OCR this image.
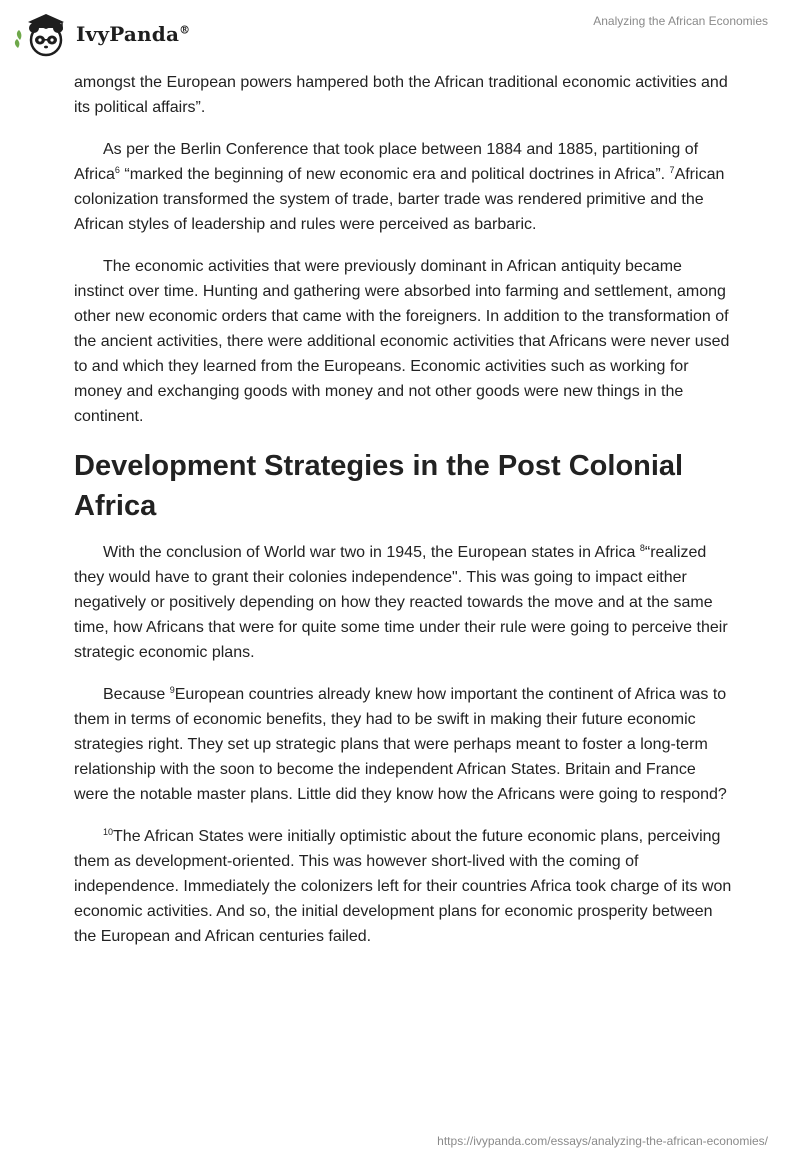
IvyPanda®
Analyzing the African Economies

amongst the European powers hampered both the African traditional economic activities and its political affairs”.

As per the Berlin Conference that took place between 1884 and 1885, partitioning of Africa$^6$ “marked the beginning of new economic era and political doctrines in Africa”. $^7$African colonization transformed the system of trade, barter trade was rendered primitive and the African styles of leadership and rules were perceived as barbaric.

The economic activities that were previously dominant in African antiquity became instinct over time. Hunting and gathering were absorbed into farming and settlement, among other new economic orders that came with the foreigners. In addition to the transformation of the ancient activities, there were additional economic activities that Africans were never used to and which they learned from the Europeans. Economic activities such as working for money and exchanging goods with money and not other goods were new things in the continent.

Development Strategies in the Post Colonial Africa

With the conclusion of World war two in 1945, the European states in Africa $^8$“realized they would have to grant their colonies independence". This was going to impact either negatively or positively depending on how they reacted towards the move and at the same time, how Africans that were for quite some time under their rule were going to perceive their strategic economic plans.

Because $^9$European countries already knew how important the continent of Africa was to them in terms of economic benefits, they had to be swift in making their future economic strategies right. They set up strategic plans that were perhaps meant to foster a long-term relationship with the soon to become the independent African States. Britain and France were the notable master plans. Little did they know how the Africans were going to respond?

$^{10}$The African States were initially optimistic about the future economic plans, perceiving them as development-oriented. This was however short-lived with the coming of independence. Immediately the colonizers left for their countries Africa took charge of its won economic activities. And so, the initial development plans for economic prosperity between the European and African centuries failed.

https://ivypanda.com/essays/analyzing-the-african-economies/
